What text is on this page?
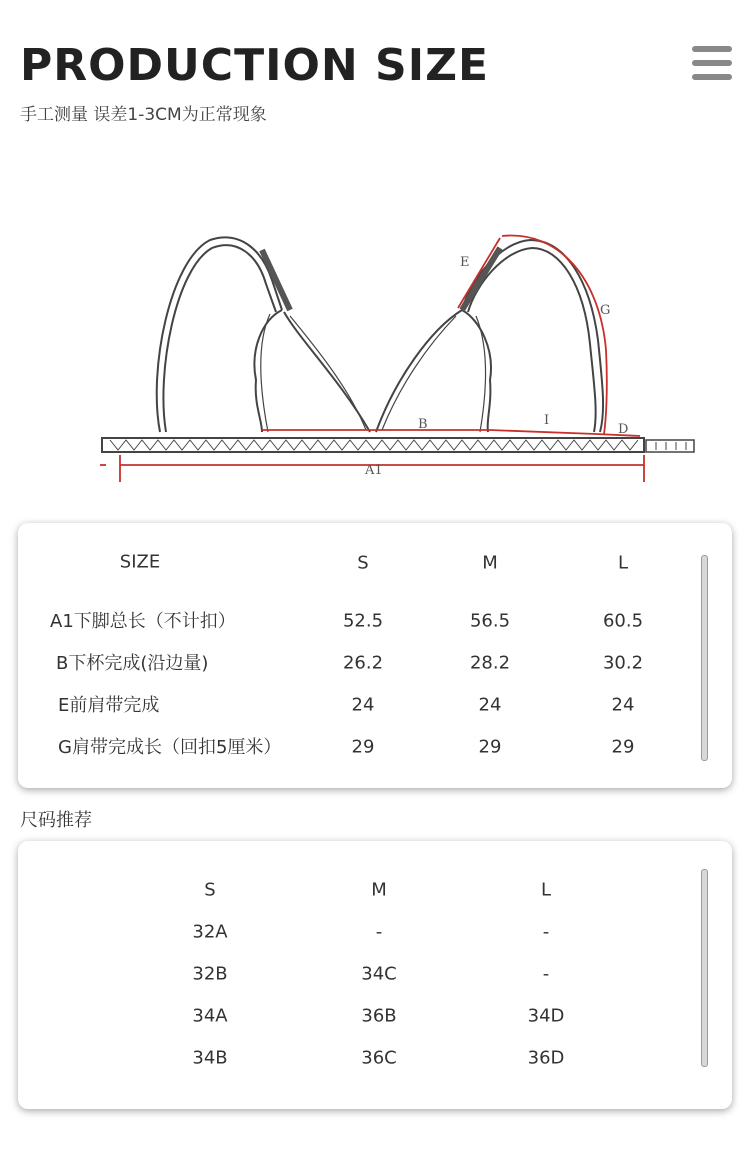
PRODUCTION SIZE
手工测量 误差1-3CM为正常现象
A1
B
E
G
I
D
SIZE	S	M	L
A1下脚总长（不计扣）	52.5	56.5	60.5
B下杯完成(沿边量)	26.2	28.2	30.2
E前肩带完成	24	24	24
G肩带完成长（回扣5厘米）	29	29	29
尺码推荐
S	M	L
32A	-	-
32B	34C	-
34A	36B	34D
34B	36C	36D
